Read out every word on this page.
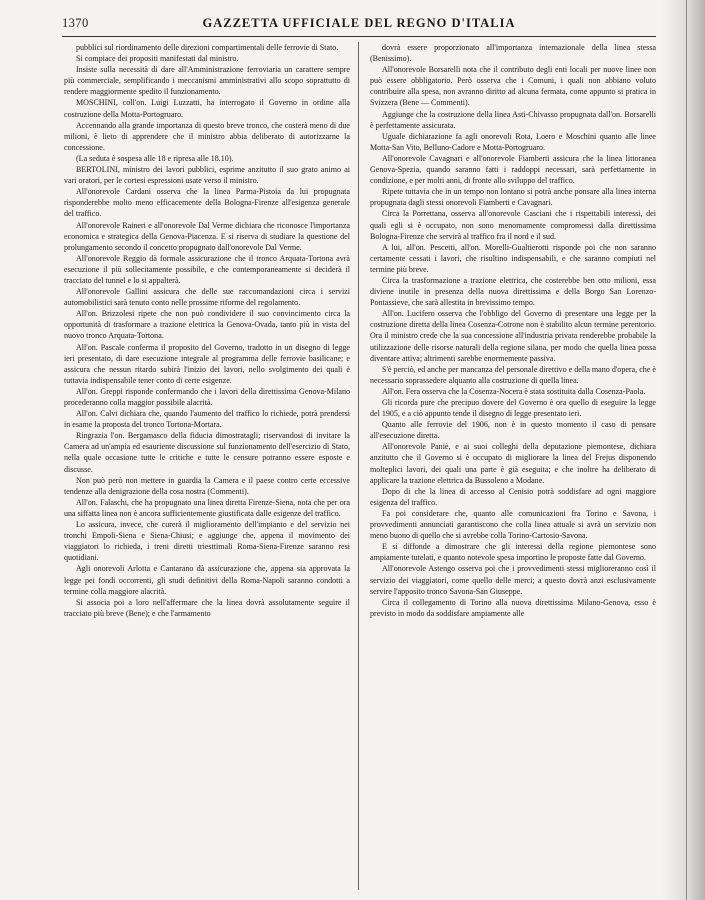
1370	GAZZETTA UFFICIALE DEL REGNO D'ITALIA

pubblici sul riordinamento delle direzioni compartimentali delle ferrovie di Stato.

Si compiace dei propositi manifestati dal ministro.

Insiste sulla necessità di dare all'Amministrazione ferroviaria un carattere sempre più commerciale, semplificando i meccanismi amministrativi allo scopo soprattutto di rendere maggiormente spedito il funzionamento.

MOSCHINI, coll'on. Luigi Luzzatti, ha interrogato il Governo in ordine alla costruzione della Motta-Portogruaro.

Accennando alla grande importanza di questo breve tronco, che costerà meno di due milioni, è lieto di apprendere che il ministro abbia deliberato di autorizzarne la concessione.

(La seduta è sospesa alle 18 e ripresa alle 18.10).

BERTOLINI, ministro dei lavori pubblici, esprime anzitutto il suo grato animo ai vari oratori, per le cortesi espressioni usate verso il ministro.

All'onorevole Cardani osserva che la linea Parma-Pistoia da lui propugnata risponderebbe molto meno efficacemente della Bologna-Firenze all'esigenza generale del traffico.

All'onorevole Raineri e all'onorevole Dal Verme dichiara che riconosce l'importanza economica e strategica della Genova-Piacenza. E si riserva di studiare la questione del prolungamento secondo il concetto propugnato dall'onorevole Dal Verme.

All'onorevole Reggio dà formale assicurazione che il tronco Arquata-Tortona avrà esecuzione il più sollecitamente possibile, e che contemporaneamente si deciderà il tracciato del tunnel e lo si appalterà.

All'onorevole Gallini assicura che delle sue raccomandazioni circa i servizi automobilistici sarà tenuto conto nelle prossime riforme del regolamento.

All'on. Brizzolesi ripete che non può condividere il suo convincimento circa la opportunità di trasformare a trazione elettrica la Genova-Ovada, tanto più in vista del nuovo tronco Arquata-Tortona.

All'on. Pascale conferma il proposito del Governo, tradotto in un disegno di legge ieri presentato, di dare esecuzione integrale al programma delle ferrovie basilicane; e assicura che nessun ritardo subirà l'inizio dei lavori, nello svolgimento dei quali è tuttavia indispensabile tener conto di certe esigenze.

All'on. Greppi risponde confermando che i lavori della direttissima Genova-Milano procederanno colla maggior possibile alacrità.

All'on. Calvi dichiara che, quando l'aumento del traffico lo richiede, potrà prendersi in esame la proposta del tronco Tortona-Mortara.

Ringrazia l'on. Bergamasco della fiducia dimostratagli; riservandosi di invitare la Camera ad un'ampia ed esauriente discussione sul funzionamento dell'esercizio di Stato, nella quale occasione tutte le critiche e tutte le censure potranno essere esposte e discusse.

Non può però non mettere in guardia la Camera e il paese contro certe eccessive tendenze alla denigrazione della cosa nostra (Commenti).

All'on. Falaschi, che ha propugnato una linea diretta Firenze-Siena, nota che per ora una siffatta linea non è ancora sufficientemente giustificata dalle esigenze del traffico.

Lo assicura, invece, che curerà il miglioramento dell'impianto e del servizio nei tronchi Empoli-Siena e Siena-Chiusi; e aggiunge che, appena il movimento dei viaggiatori lo richieda, i treni diretti triesttimali Roma-Siena-Firenze saranno resi quotidiani.

Agli onorevoli Arlotta e Cantarano dà assicurazione che, appena sia approvata la legge pei fondi occorrenti, gli studi definitivi della Roma-Napoli saranno condotti a termine colla maggiore alacrità.

Si associa poi a loro nell'affermare che la linea dovrà assolutamente seguire il tracciato più breve (Bene); e che l'armamento

dovrà essere proporzionato all'importanza internazionale della linea stessa (Benissimo).

All'onorevole Borsarelli nota che il contributo degli enti locali per nuove linee non può essere obbligatorio. Però osserva che i Comuni, i quali non abbiano voluto contribuire alla spesa, non avranno diritto ad alcuna fermata, come appunto si pratica in Svizzera (Bene — Commenti).

Aggiunge che la costruzione della linea Asti-Chivasso propugnata dall'on. Borsarelli è perfettamente assicurata.

Uguale dichiarazione fa agli onorevoli Rota, Loero e Moschini quanto alle linee Motta-San Vito, Belluno-Cadore e Motta-Portogruaro.

All'onorevole Cavagnari e all'onorevole Fiamberti assicura che la linea littoranea Genova-Spezia, quando saranno fatti i raddoppi necessari, sarà perfettamente in condizione, e per molti anni, di fronte allo sviluppo del traffico.

Ripete tuttavia che in un tempo non lontano si potrà anche ponsare alla linea interna propugnata dagli stessi onorevoli Fiamberti e Cavagnari.

Circa la Porrettana, osserva all'onorevole Casciani che i rispettabili interessi, dei quali egli si è occupato, non sono menomamente compromessi dalla direttissima Bologna-Firenze che servirà al traffico fra il nord e il sud.

A lui, all'on. Pescetti, all'on. Morelli-Gualtierotti risponde poi che non saranno certamente cessati i lavori, che risultino indispensabili, e che saranno compiuti nel termine più breve.

Circa la trasformazione a trazione elettrica, che costerebbe ben otto milioni, essa diviene inutile in presenza della nuova direttissima e della Borgo San Lorenzo-Pontassieve, che sarà allestita in brevissimo tempo.

All'on. Lucifero osserva che l'obbligo del Governo di presentare una legge per la costruzione diretta della linea Cosenza-Cotrone non è stabilito alcun termine perentorio. Ora il ministro crede che la sua concessione all'industria privata renderebbe probabile la utilizzazione delle risorse naturali della regione silana, per modo che quella linea possa diventare attiva; altrimenti sarebbe enormemente passiva.

S'è perciò, ed anche per mancanza del personale direttivo e della mano d'opera, che è necessario soprassedere alquanto alla costruzione di quella linea.

All'on. Fera osserva che la Cosenza-Nocera è stata sostituita dalla Cosenza-Paola.

Gli ricorda pure che precipuo dovere del Governo è ora quello di eseguire la legge del 1905, e a ciò appunto tende il disegno di legge presentato ieri.

Quanto alle ferrovie del 1906, non è in questo momento il caso di pensare all'esecuzione diretta.

All'onorevole Paniè, e ai suoi colleghi della deputazione piemontese, dichiara anzitutto che il Governo si è occupato di migliorare la linea del Frejus disponendo molteplici lavori, dei quali una parte è già eseguita; e che inoltre ha deliberato di applicare la trazione elettrica da Bussoleno a Modane.

Dopo di che la linea di accesso al Cenisio potrà soddisfare ad ogni maggiore esigenza del traffico.

Fa poi considerare che, quanto alle comunicazioni fra Torino e Savona, i provvedimenti annunciati garantiscono che colla linea attuale si avrà un servizio non meno buono di quello che si avrebbe colla Torino-Cartosio-Savona.

E si diffonde a dimostrare che gli interessi della regione piemontese sono ampiamente tutelati, e quanto notevole spesa importino le proposte fatte dal Governo.

All'onorevole Astengo osserva poi che i provvedimenti stessi miglioreranno così il servizio dei viaggiatori, come quello delle merci; a questo dovrà anzi esclusivamente servire l'apposito tronco Savona-San Giuseppe.

Circa il collegamento di Torino alla nuova direttissima Milano-Genova, esso è previsto in modo da soddisfare ampiamente alle
